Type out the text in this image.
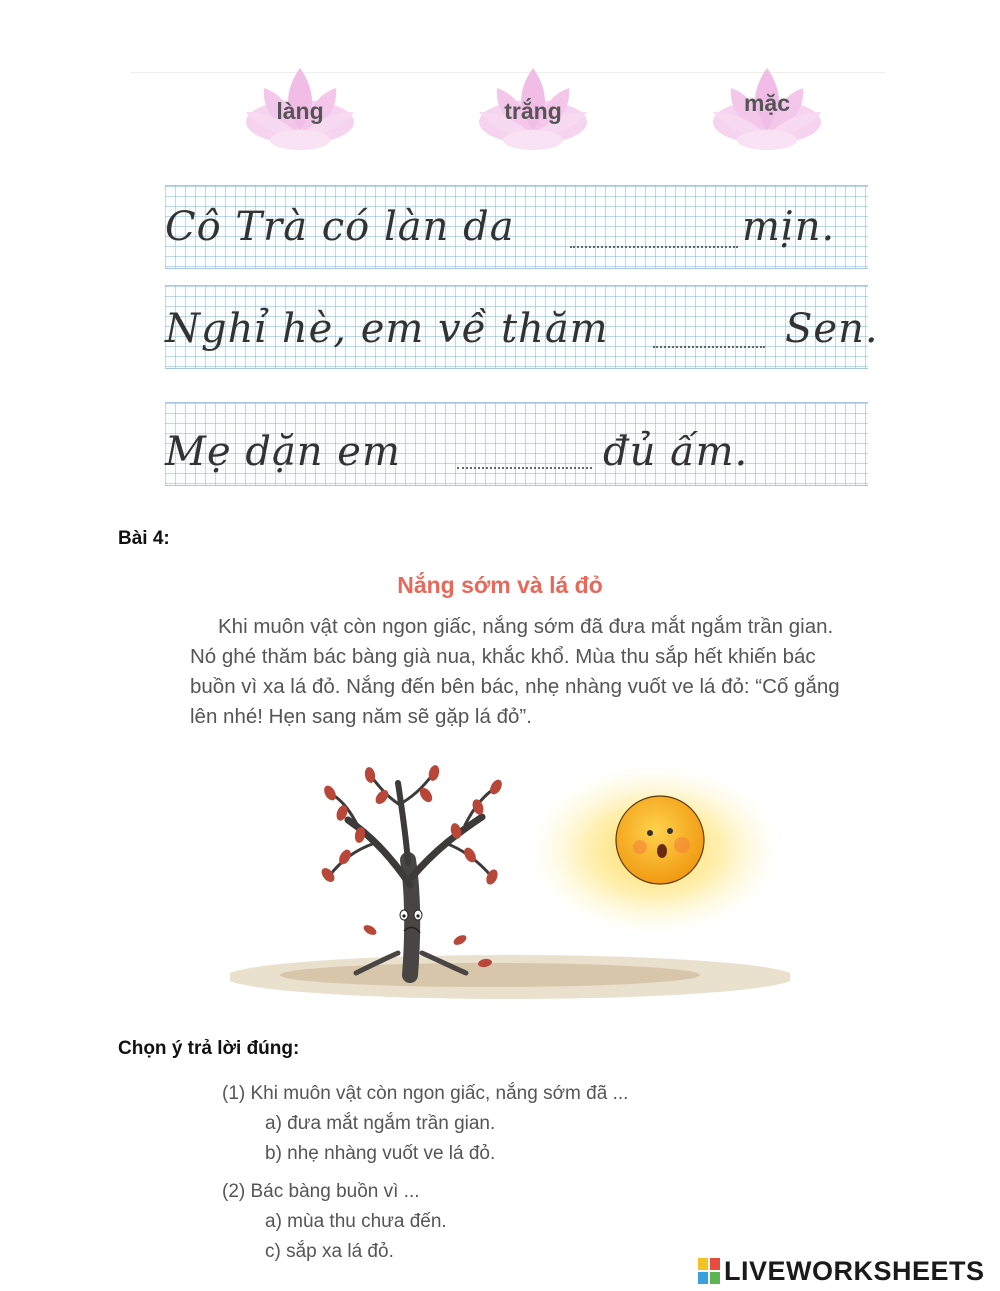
làng	trắng	mặc
Cô Trà có làn da	mịn.
Nghỉ hè, em về thăm	Sen.
Mẹ dặn em	đủ ấm.
Bài 4:
Nắng sớm và lá đỏ

Khi muôn vật còn ngon giấc, nắng sớm đã đưa mắt ngắm trần gian. Nó ghé thăm bác bàng già nua, khắc khổ. Mùa thu sắp hết khiến bác buồn vì xa lá đỏ. Nắng đến bên bác, nhẹ nhàng vuốt ve lá đỏ: “Cố gắng lên nhé! Hẹn sang năm sẽ gặp lá đỏ”.

Chọn ý trả lời đúng:
(1) Khi muôn vật còn ngon giấc, nắng sớm đã ...
a) đưa mắt ngắm trần gian.
b) nhẹ nhàng vuốt ve lá đỏ.
(2) Bác bàng buồn vì ...
a) mùa thu chưa đến.
c) sắp xa lá đỏ.
LIVEWORKSHEETS
